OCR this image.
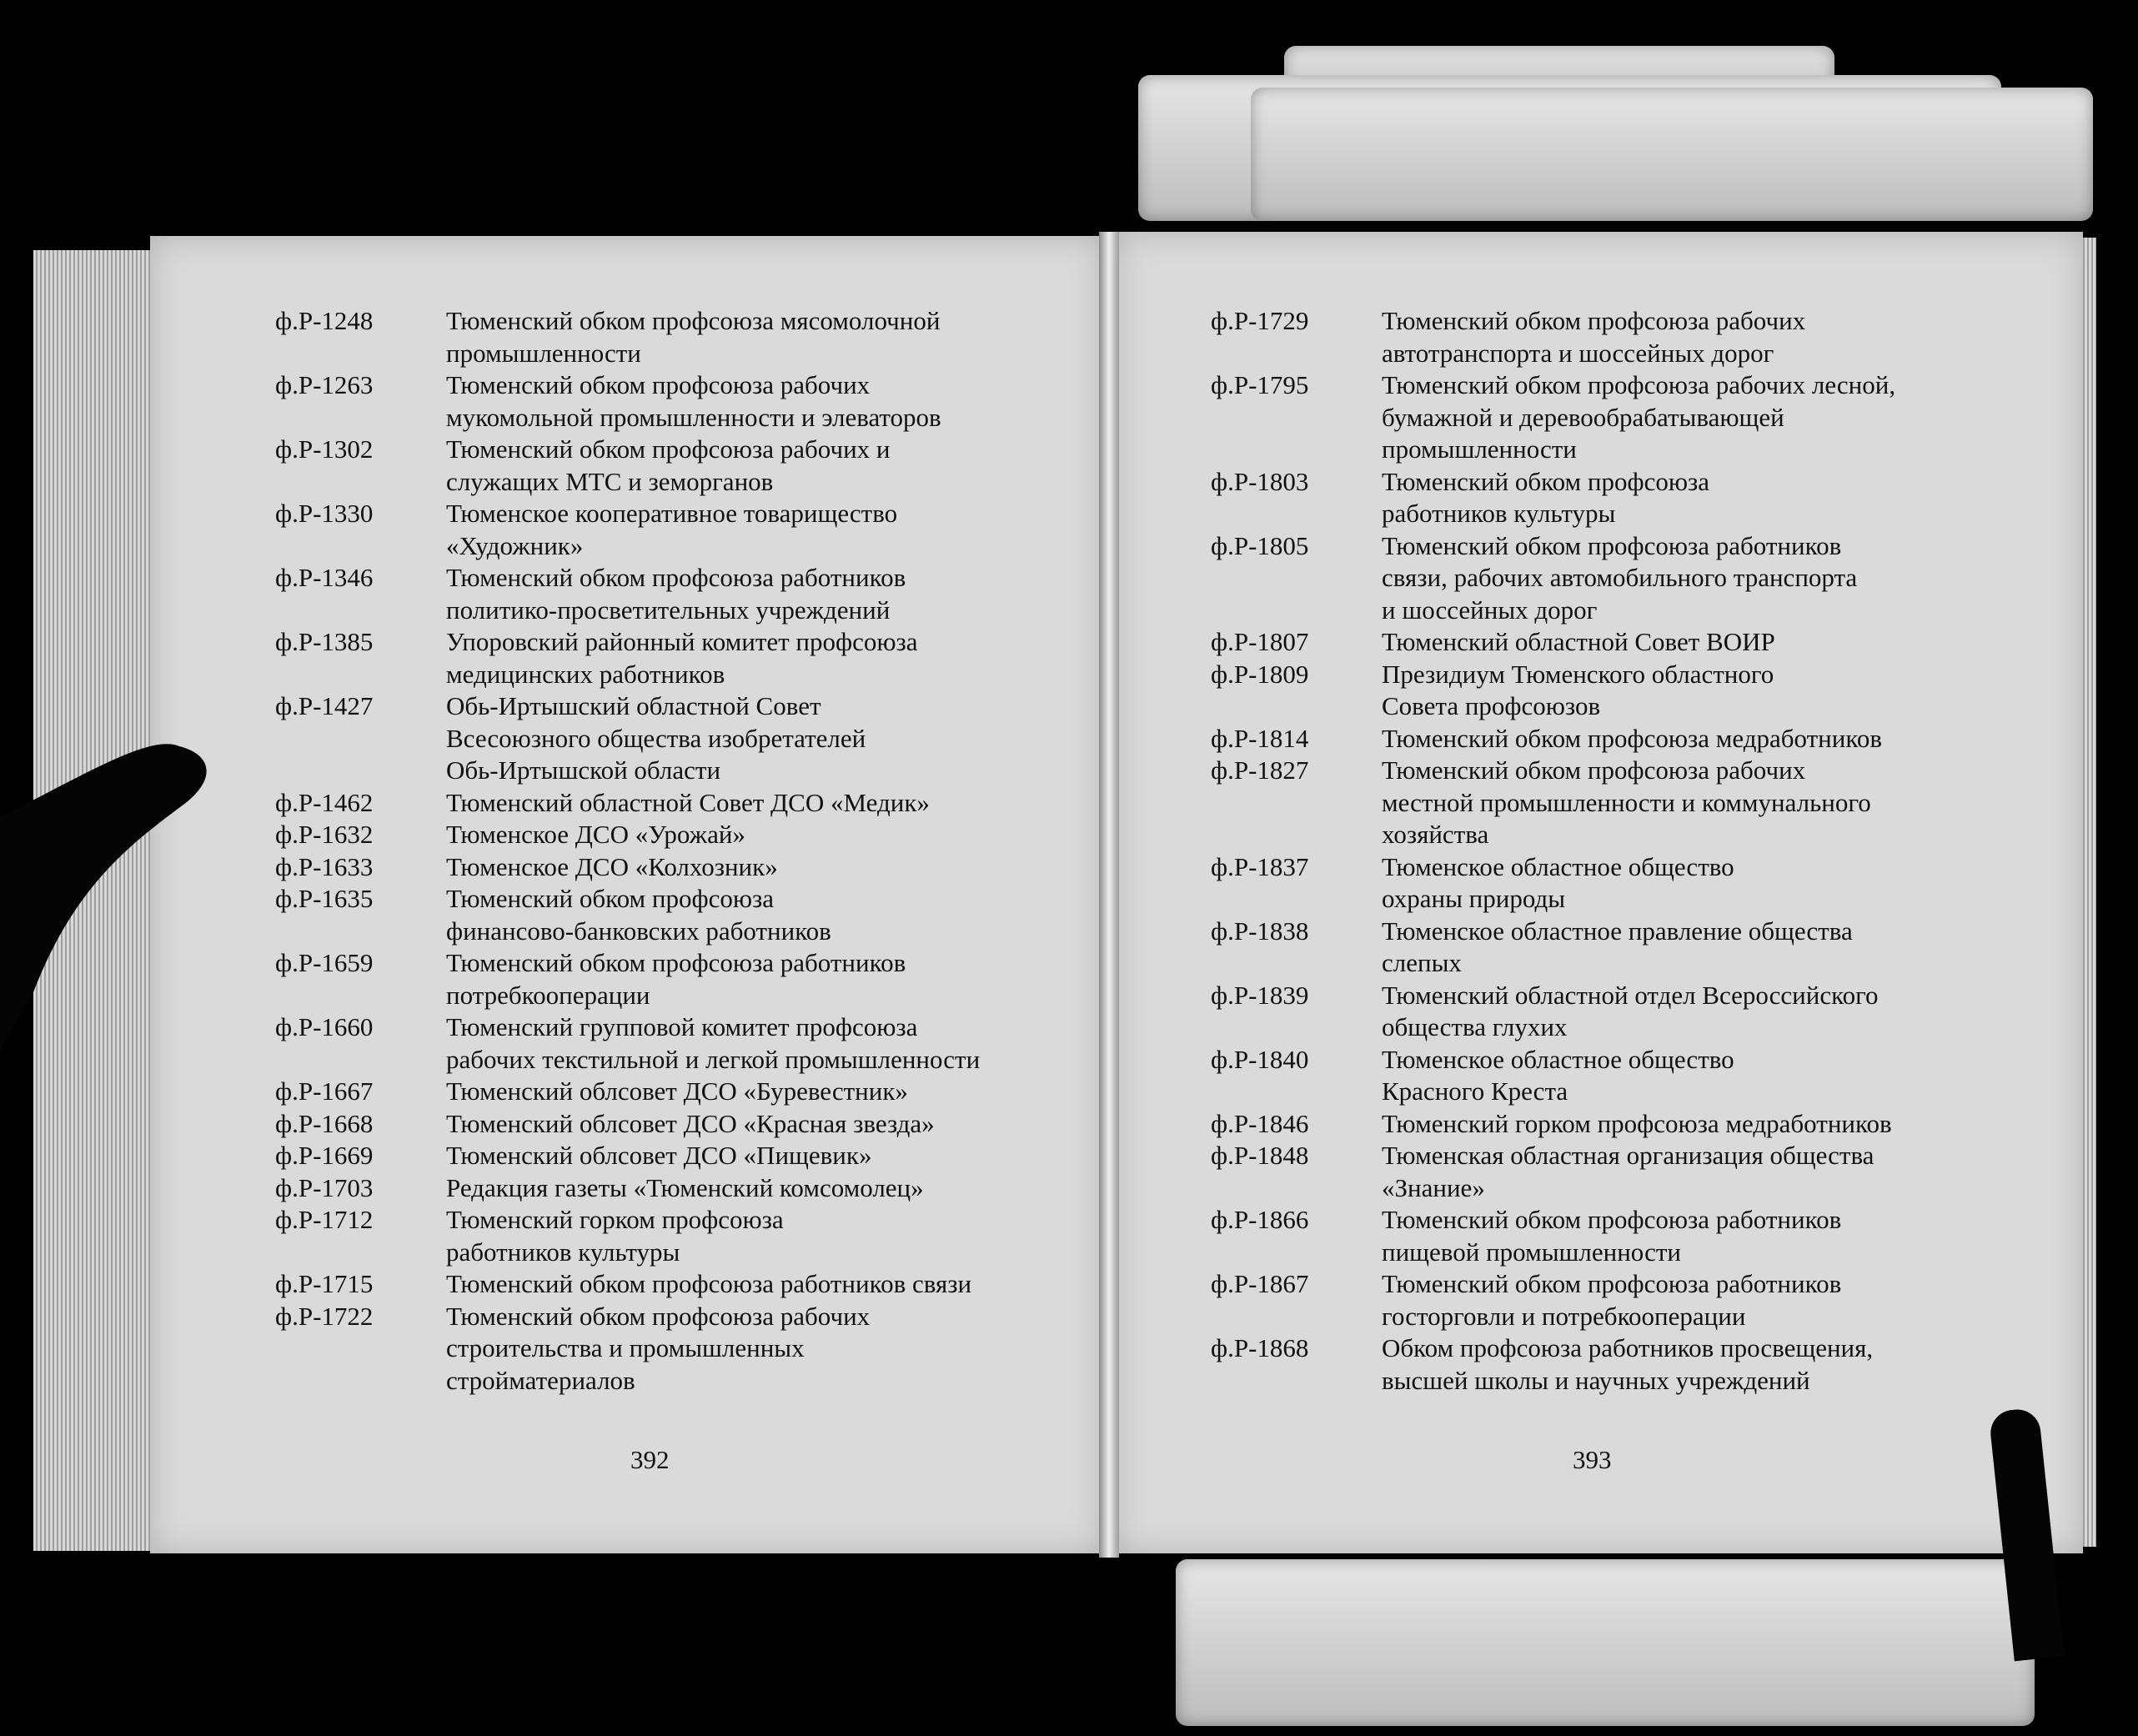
ф.Р-1248	Тюменский обком профсоюза мясомолочной
промышленности
ф.Р-1263	Тюменский обком профсоюза рабочих
мукомольной промышленности и элеваторов
ф.Р-1302	Тюменский обком профсоюза рабочих и
служащих МТС и земорганов
ф.Р-1330	Тюменское кооперативное товарищество
«Художник»
ф.Р-1346	Тюменский обком профсоюза работников
политико-просветительных учреждений
ф.Р-1385	Упоровский районный комитет профсоюза
медицинских работников
ф.Р-1427	Обь-Иртышский областной Совет
Всесоюзного общества изобретателей
Обь-Иртышской области
ф.Р-1462	Тюменский областной Совет ДСО «Медик»
ф.Р-1632	Тюменское ДСО «Урожай»
ф.Р-1633	Тюменское ДСО «Колхозник»
ф.Р-1635	Тюменский обком профсоюза
финансово-банковских работников
ф.Р-1659	Тюменский обком профсоюза работников
потребкооперации
ф.Р-1660	Тюменский групповой комитет профсоюза
рабочих текстильной и легкой промышленности
ф.Р-1667	Тюменский облсовет ДСО «Буревестник»
ф.Р-1668	Тюменский облсовет ДСО «Красная звезда»
ф.Р-1669	Тюменский облсовет ДСО «Пищевик»
ф.Р-1703	Редакция газеты «Тюменский комсомолец»
ф.Р-1712	Тюменский горком профсоюза
работников культуры
ф.Р-1715	Тюменский обком профсоюза работников связи
ф.Р-1722	Тюменский обком профсоюза рабочих
строительства и промышленных
стройматериалов
392
ф.Р-1729	Тюменский обком профсоюза рабочих
автотранспорта и шоссейных дорог
ф.Р-1795	Тюменский обком профсоюза рабочих лесной,
бумажной и деревообрабатывающей
промышленности
ф.Р-1803	Тюменский обком профсоюза
работников культуры
ф.Р-1805	Тюменский обком профсоюза работников
связи, рабочих автомобильного транспорта
и шоссейных дорог
ф.Р-1807	Тюменский областной Совет ВОИР
ф.Р-1809	Президиум Тюменского областного
Совета профсоюзов
ф.Р-1814	Тюменский обком профсоюза медработников
ф.Р-1827	Тюменский обком профсоюза рабочих
местной промышленности и коммунального
хозяйства
ф.Р-1837	Тюменское областное общество
охраны природы
ф.Р-1838	Тюменское областное правление общества
слепых
ф.Р-1839	Тюменский областной отдел Всероссийского
общества глухих
ф.Р-1840	Тюменское областное общество
Красного Креста
ф.Р-1846	Тюменский горком профсоюза медработников
ф.Р-1848	Тюменская областная организация общества
«Знание»
ф.Р-1866	Тюменский обком профсоюза работников
пищевой промышленности
ф.Р-1867	Тюменский обком профсоюза работников
госторговли и потребкооперации
ф.Р-1868	Обком профсоюза работников просвещения,
высшей школы и научных учреждений
393
